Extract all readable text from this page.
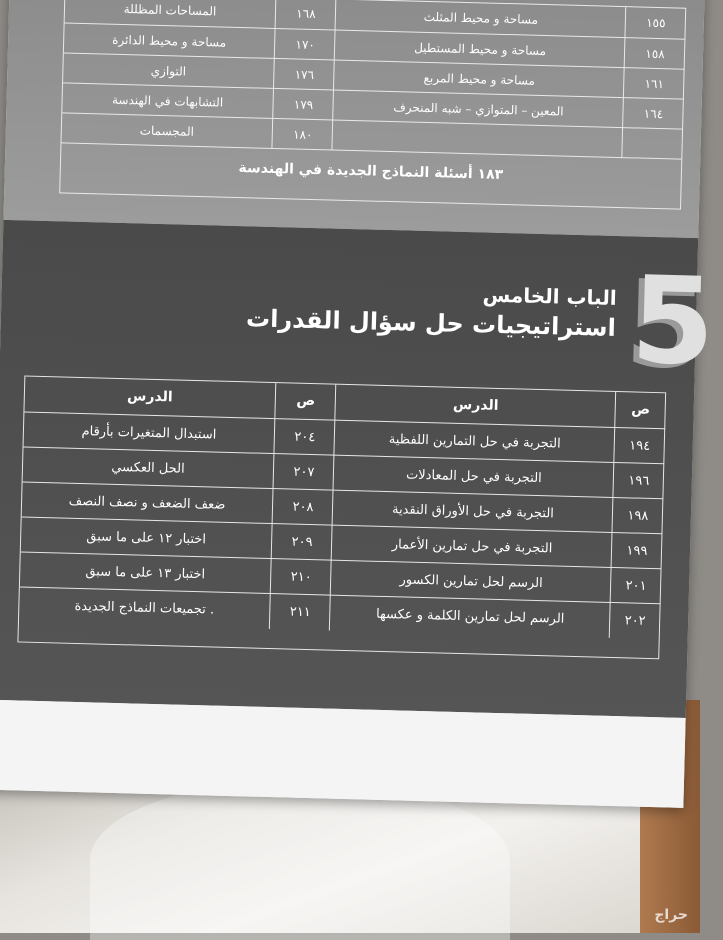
١٥٥
مساحة و محيط المثلث
١٦٨
المساحات المظللة
١٥٨
مساحة و محيط المستطيل
١٧٠
مساحة و محيط الدائرة
١٦١
مساحة و محيط المربع
١٧٦
التوازي
١٦٤
المعين – المتوازي – شبه المنحرف
١٧٩
التشابهات في الهندسة
١٨٠
المجسمات
١٨٣ أسئلة النماذج الجديدة في الهندسة
5
الباب الخامس
استراتيجيات حل سؤال القدرات
ص
الدرس
ص
الدرس
١٩٤
التجربة في حل التمارين اللفظية
٢٠٤
استبدال المتغيرات بأرقام
١٩٦
التجربة في حل المعادلات
٢٠٧
الحل العكسي
١٩٨
التجربة في حل الأوراق النقدية
٢٠٨
ضعف الضعف و نصف النصف
١٩٩
التجربة في حل تمارين الأعمار
٢٠٩
اختبار ١٢ على ما سبق
٢٠١
الرسم لحل تمارين الكسور
٢١٠
اختبار ١٣ على ما سبق
٢٠٢
الرسم لحل تمارين الكلمة و عكسها
٢١١
تجميعات النماذج الجديدة .
حراج
